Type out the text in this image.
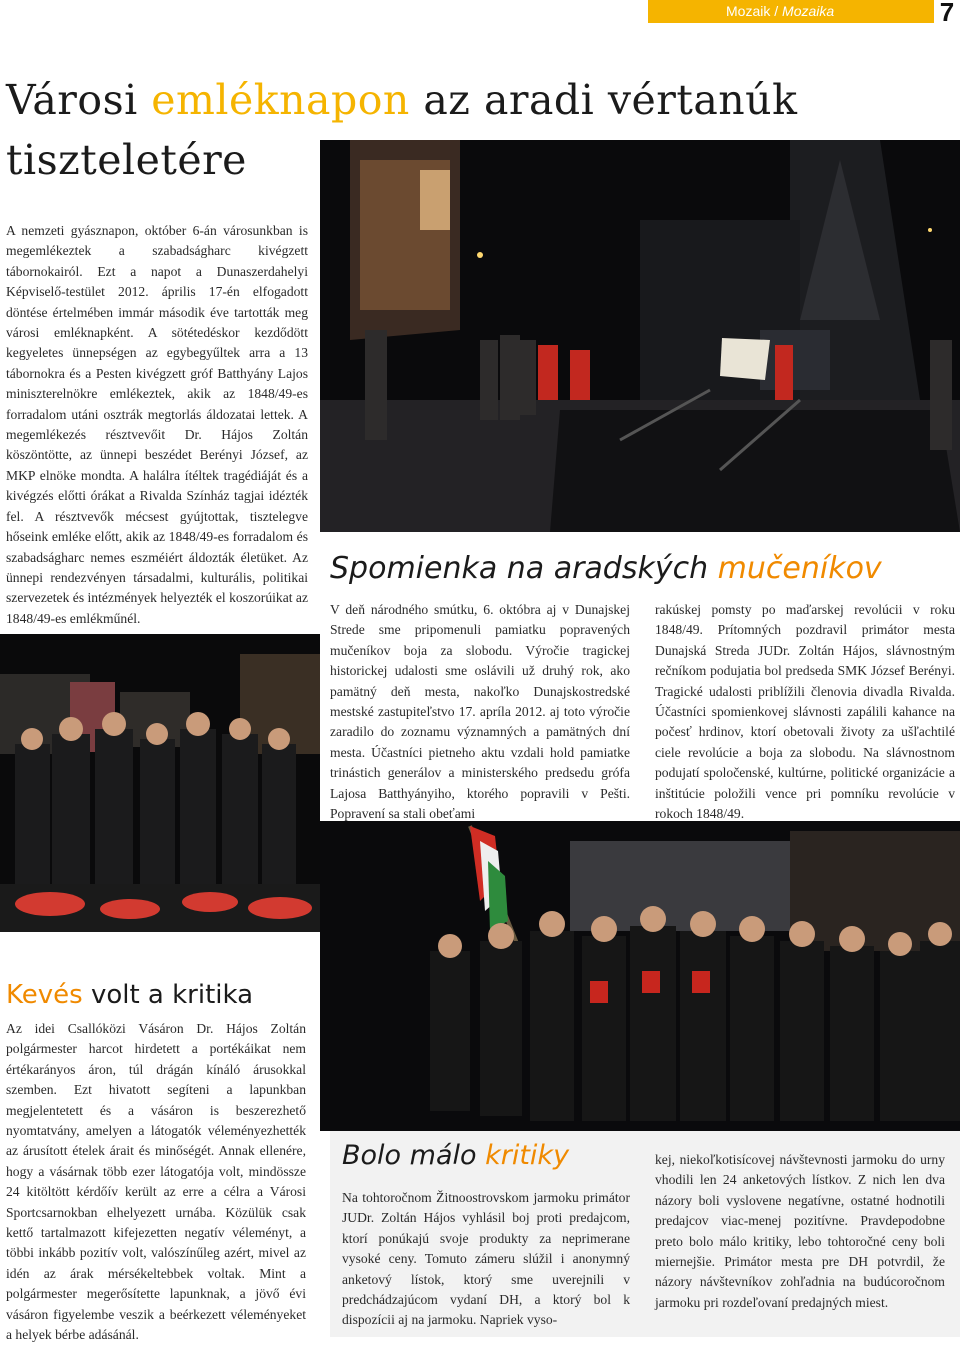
Mozaik / Mozaika	7
Városi emléknapon az aradi vértanúk
tiszteletére
A nemzeti gyásznapon, október 6-án városunkban is megemlékeztek a szabadságharc kivégzett tábornokairól. Ezt a napot a Dunaszerdahelyi Képviselő-testület 2012. április 17-én elfogadott döntése értelmében immár második éve tartották meg városi emléknapként. A sötétedéskor kezdődött kegyeletes ünnepségen az egybegyűltek arra a 13 tábornokra és a Pesten kivégzett gróf Batthyány Lajos miniszterelnökre emlékeztek, akik az 1848/49-es forradalom utáni osztrák megtorlás áldozatai lettek. A megemlékezés résztvevőit Dr. Hájos Zoltán köszöntötte, az ünnepi beszédet Berényi József, az MKP elnöke mondta. A halálra ítéltek tragédiáját és a kivégzés előtti órákat a Rivalda Színház tagjai idézték fel. A résztvevők mécsest gyújtottak, tisztelegve hőseink emléke előtt, akik az 1848/49-es forradalom és szabadságharc nemes eszméiért áldozták életüket. Az ünnepi rendezvényen társadalmi, kulturális, politikai szervezetek és intézmények helyezték el koszorúikat az 1848/49-es emlékműnél.
Spomienka na aradských mučeníkov
V deň národného smútku, 6. októbra aj v Dunajskej Strede sme pripomenuli pamiatku popravených mučeníkov boja za slobodu. Výročie tragickej historickej udalosti sme oslávili už druhý rok, ako pamätný deň mesta, nakoľko Dunajskostredské mestské zastupiteľstvo 17. apríla 2012. aj toto výročie zaradilo do zoznamu významných a pamätných dní mesta. Účastníci pietneho aktu vzdali hold pamiatke trinástich generálov a ministerského predsedu grófa Lajosa Batthyányiho, ktorého popravili v Pešti. Popravení sa stali obeťami
rakúskej pomsty po maďarskej revolúcii v roku 1848/49. Prítomných pozdravil primátor mesta Dunajská Streda JUDr. Zoltán Hájos, slávnostným rečníkom podujatia bol predseda SMK József Berényi. Tragické udalosti priblížili členovia divadla Rivalda. Účastníci spomienkovej slávnosti zapálili kahance na počesť hrdinov, ktorí obetovali životy za ušľachtilé ciele revolúcie a boja za slobodu. Na slávnostnom podujatí spoločenské, kultúrne, politické organizácie a inštitúcie položili vence pri pomníku revolúcie v rokoch 1848/49.
Kevés volt a kritika
Az idei Csallóközi Vásáron Dr. Hájos Zoltán polgármester harcot hirdetett a portékáikat nem értékarányos áron, túl drágán kínáló árusokkal szemben. Ezt hivatott segíteni a lapunkban megjelentetett és a vásáron is beszerezhető nyomtatvány, amelyen a látogatók véleményezhették az árusított ételek árait és minőségét. Annak ellenére, hogy a vásárnak több ezer látogatója volt, mindössze 24 kitöltött kérdőív került az erre a célra a Városi Sportcsarnokban elhelyezett urnába. Közülük csak kettő tartalmazott kifejezetten negatív véleményt, a többi inkább pozitív volt, valószínűleg azért, mivel az idén az árak mérsékeltebbek voltak. Mint a polgármester megerősítette lapunknak, a jövő évi vásáron figyelembe veszik a beérkezett véleményeket a helyek bérbe adásánál.
Bolo málo kritiky
Na tohtoročnom Žitnoostrovskom jarmoku primátor JUDr. Zoltán Hájos vyhlásil boj proti predajcom, ktorí ponúkajú svoje produkty za neprimerane vysoké ceny. Tomuto zámeru slúžil i anonymný anketový lístok, ktorý sme uverejnili v predchádzajúcom vydaní DH, a ktorý bol k dispozícii aj na jarmoku. Napriek vyso-
kej, niekoľkotisícovej návštevnosti jarmoku do urny vhodili len 24 anketových lístkov. Z nich len dva názory boli vyslovene negatívne, ostatné hodnotili predajcov viac-menej pozitívne. Pravdepodobne preto bolo málo kritiky, lebo tohtoročné ceny boli miernejšie. Primátor mesta pre DH potvrdil, že názory návštevníkov zohľadnia na budúcoročnom jarmoku pri rozdeľovaní predajných miest.
